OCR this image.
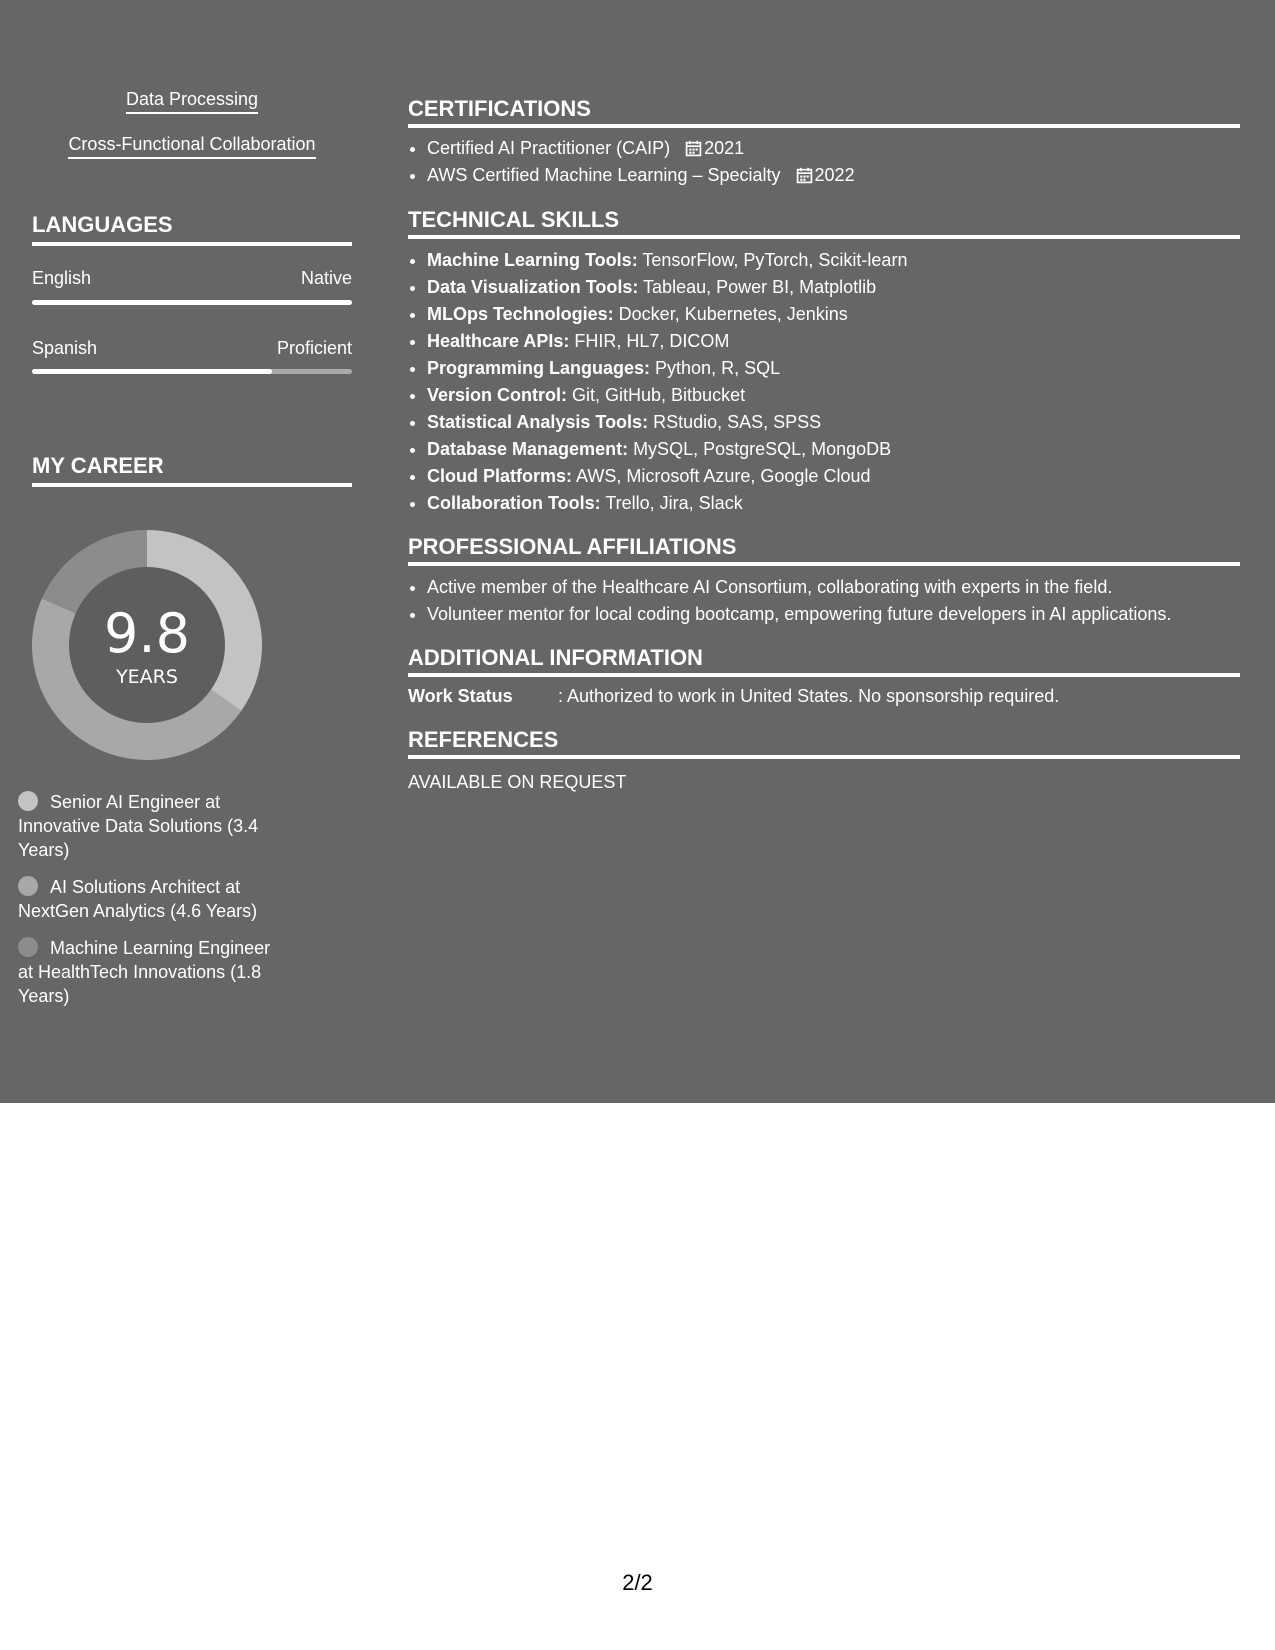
Data Processing
Cross-Functional Collaboration
LANGUAGES
English	Native
Spanish	Proficient
MY CAREER
9.8
YEARS
Senior AI Engineer at Innovative Data Solutions (3.4 Years)
AI Solutions Architect at NextGen Analytics (4.6 Years)
Machine Learning Engineer at HealthTech Innovations (1.8 Years)
CERTIFICATIONS
• Certified AI Practitioner (CAIP) 2021
• AWS Certified Machine Learning – Specialty 2022
TECHNICAL SKILLS
• Machine Learning Tools: TensorFlow, PyTorch, Scikit-learn
• Data Visualization Tools: Tableau, Power BI, Matplotlib
• MLOps Technologies: Docker, Kubernetes, Jenkins
• Healthcare APIs: FHIR, HL7, DICOM
• Programming Languages: Python, R, SQL
• Version Control: Git, GitHub, Bitbucket
• Statistical Analysis Tools: RStudio, SAS, SPSS
• Database Management: MySQL, PostgreSQL, MongoDB
• Cloud Platforms: AWS, Microsoft Azure, Google Cloud
• Collaboration Tools: Trello, Jira, Slack
PROFESSIONAL AFFILIATIONS
• Active member of the Healthcare AI Consortium, collaborating with experts in the field.
• Volunteer mentor for local coding bootcamp, empowering future developers in AI applications.
ADDITIONAL INFORMATION
Work Status	: Authorized to work in United States. No sponsorship required.
REFERENCES
AVAILABLE ON REQUEST
2/2
